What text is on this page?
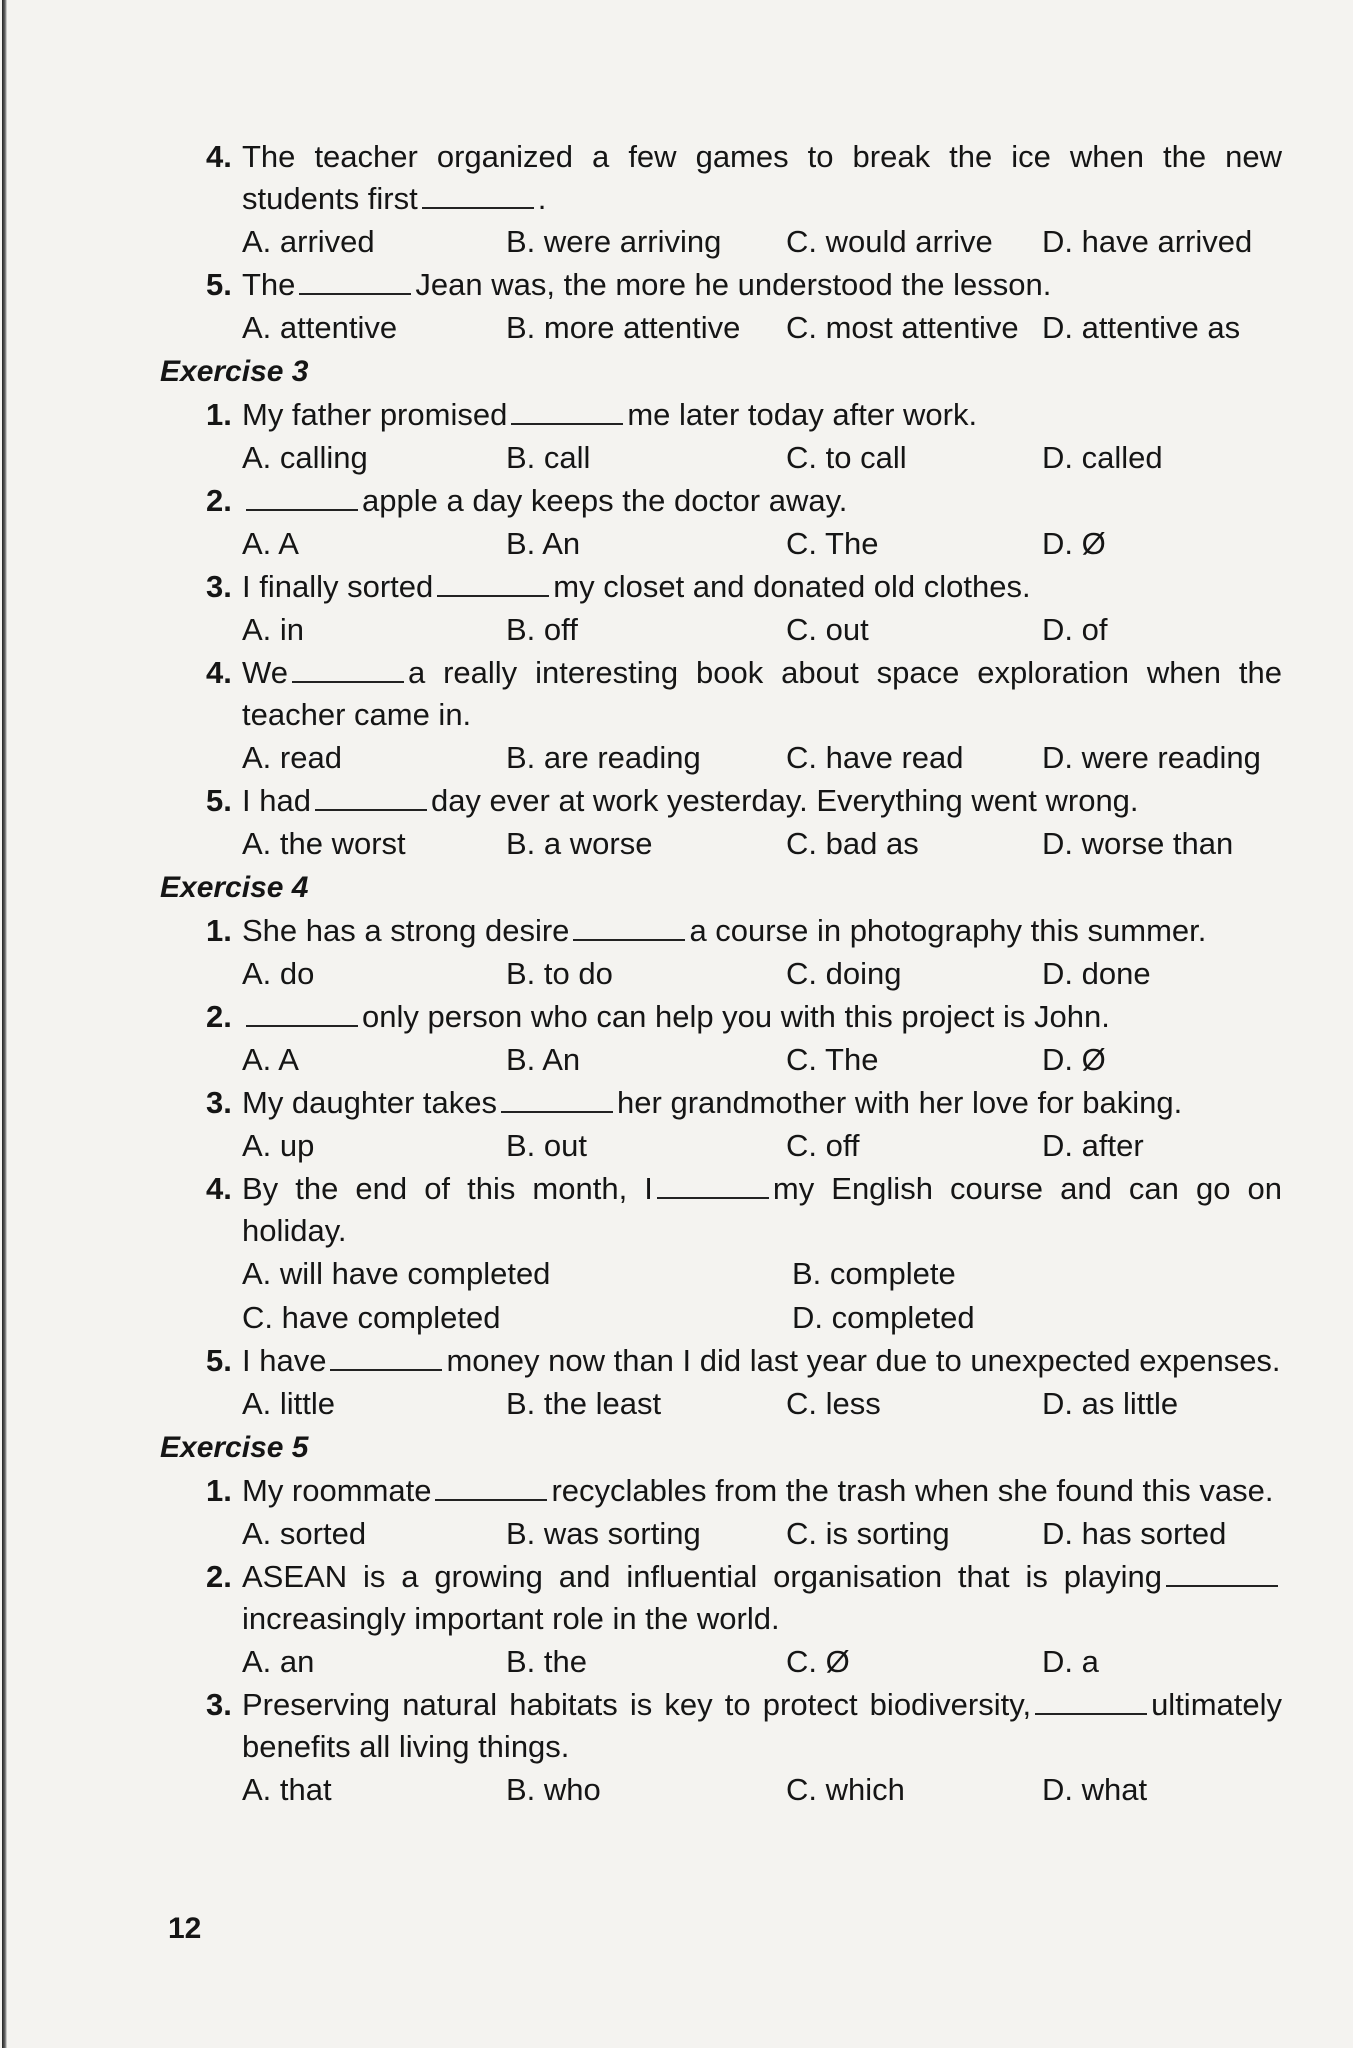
4. The teacher organized a few games to break the ice when the new students first	.
A. arrived	B. were arriving	C. would arrive	D. have arrived
5. The	Jean was, the more he understood the lesson.
A. attentive	B. more attentive	C. most attentive D. attentive as
Exercise 3
1. My father promised	me later today after work.
A. calling	B. call	C. to call	D. called
2.	apple a day keeps the doctor away.
A. A	B. An	C. The	D. Ø
3. I finally sorted	my closet and donated old clothes.
A. in	B. off	C. out	D. of
4. We	a really interesting book about space exploration when the teacher came in.
A. read	B. are reading	C. have read	D. were reading
5. I had	day ever at work yesterday. Everything went wrong.
A. the worst	B. a worse	C. bad as	D. worse than
Exercise 4
1. She has a strong desire	a course in photography this summer.
A. do	B. to do	C. doing	D. done
2.	only person who can help you with this project is John.
A. A	B. An	C. The	D. Ø
3. My daughter takes	her grandmother with her love for baking.
A. up	B. out	C. off	D. after
4. By the end of this month, I	my English course and can go on holiday.
A. will have completed	B. complete
C. have completed	D. completed
5. I have	money now than I did last year due to unexpected expenses.
A. little	B. the least	C. less	D. as little
Exercise 5
1. My roommate	recyclables from the trash when she found this vase.
A. sorted	B. was sorting	C. is sorting	D. has sorted
2. ASEAN is a growing and influential organisation that is playingincreasingly important role in the world.
A. an	B. the	C. Ø	D. a
3. Preserving natural habitats is key to protect biodiversity,	ultimately benefits all living things.
A. that	B. who	C. which	D. what
12
